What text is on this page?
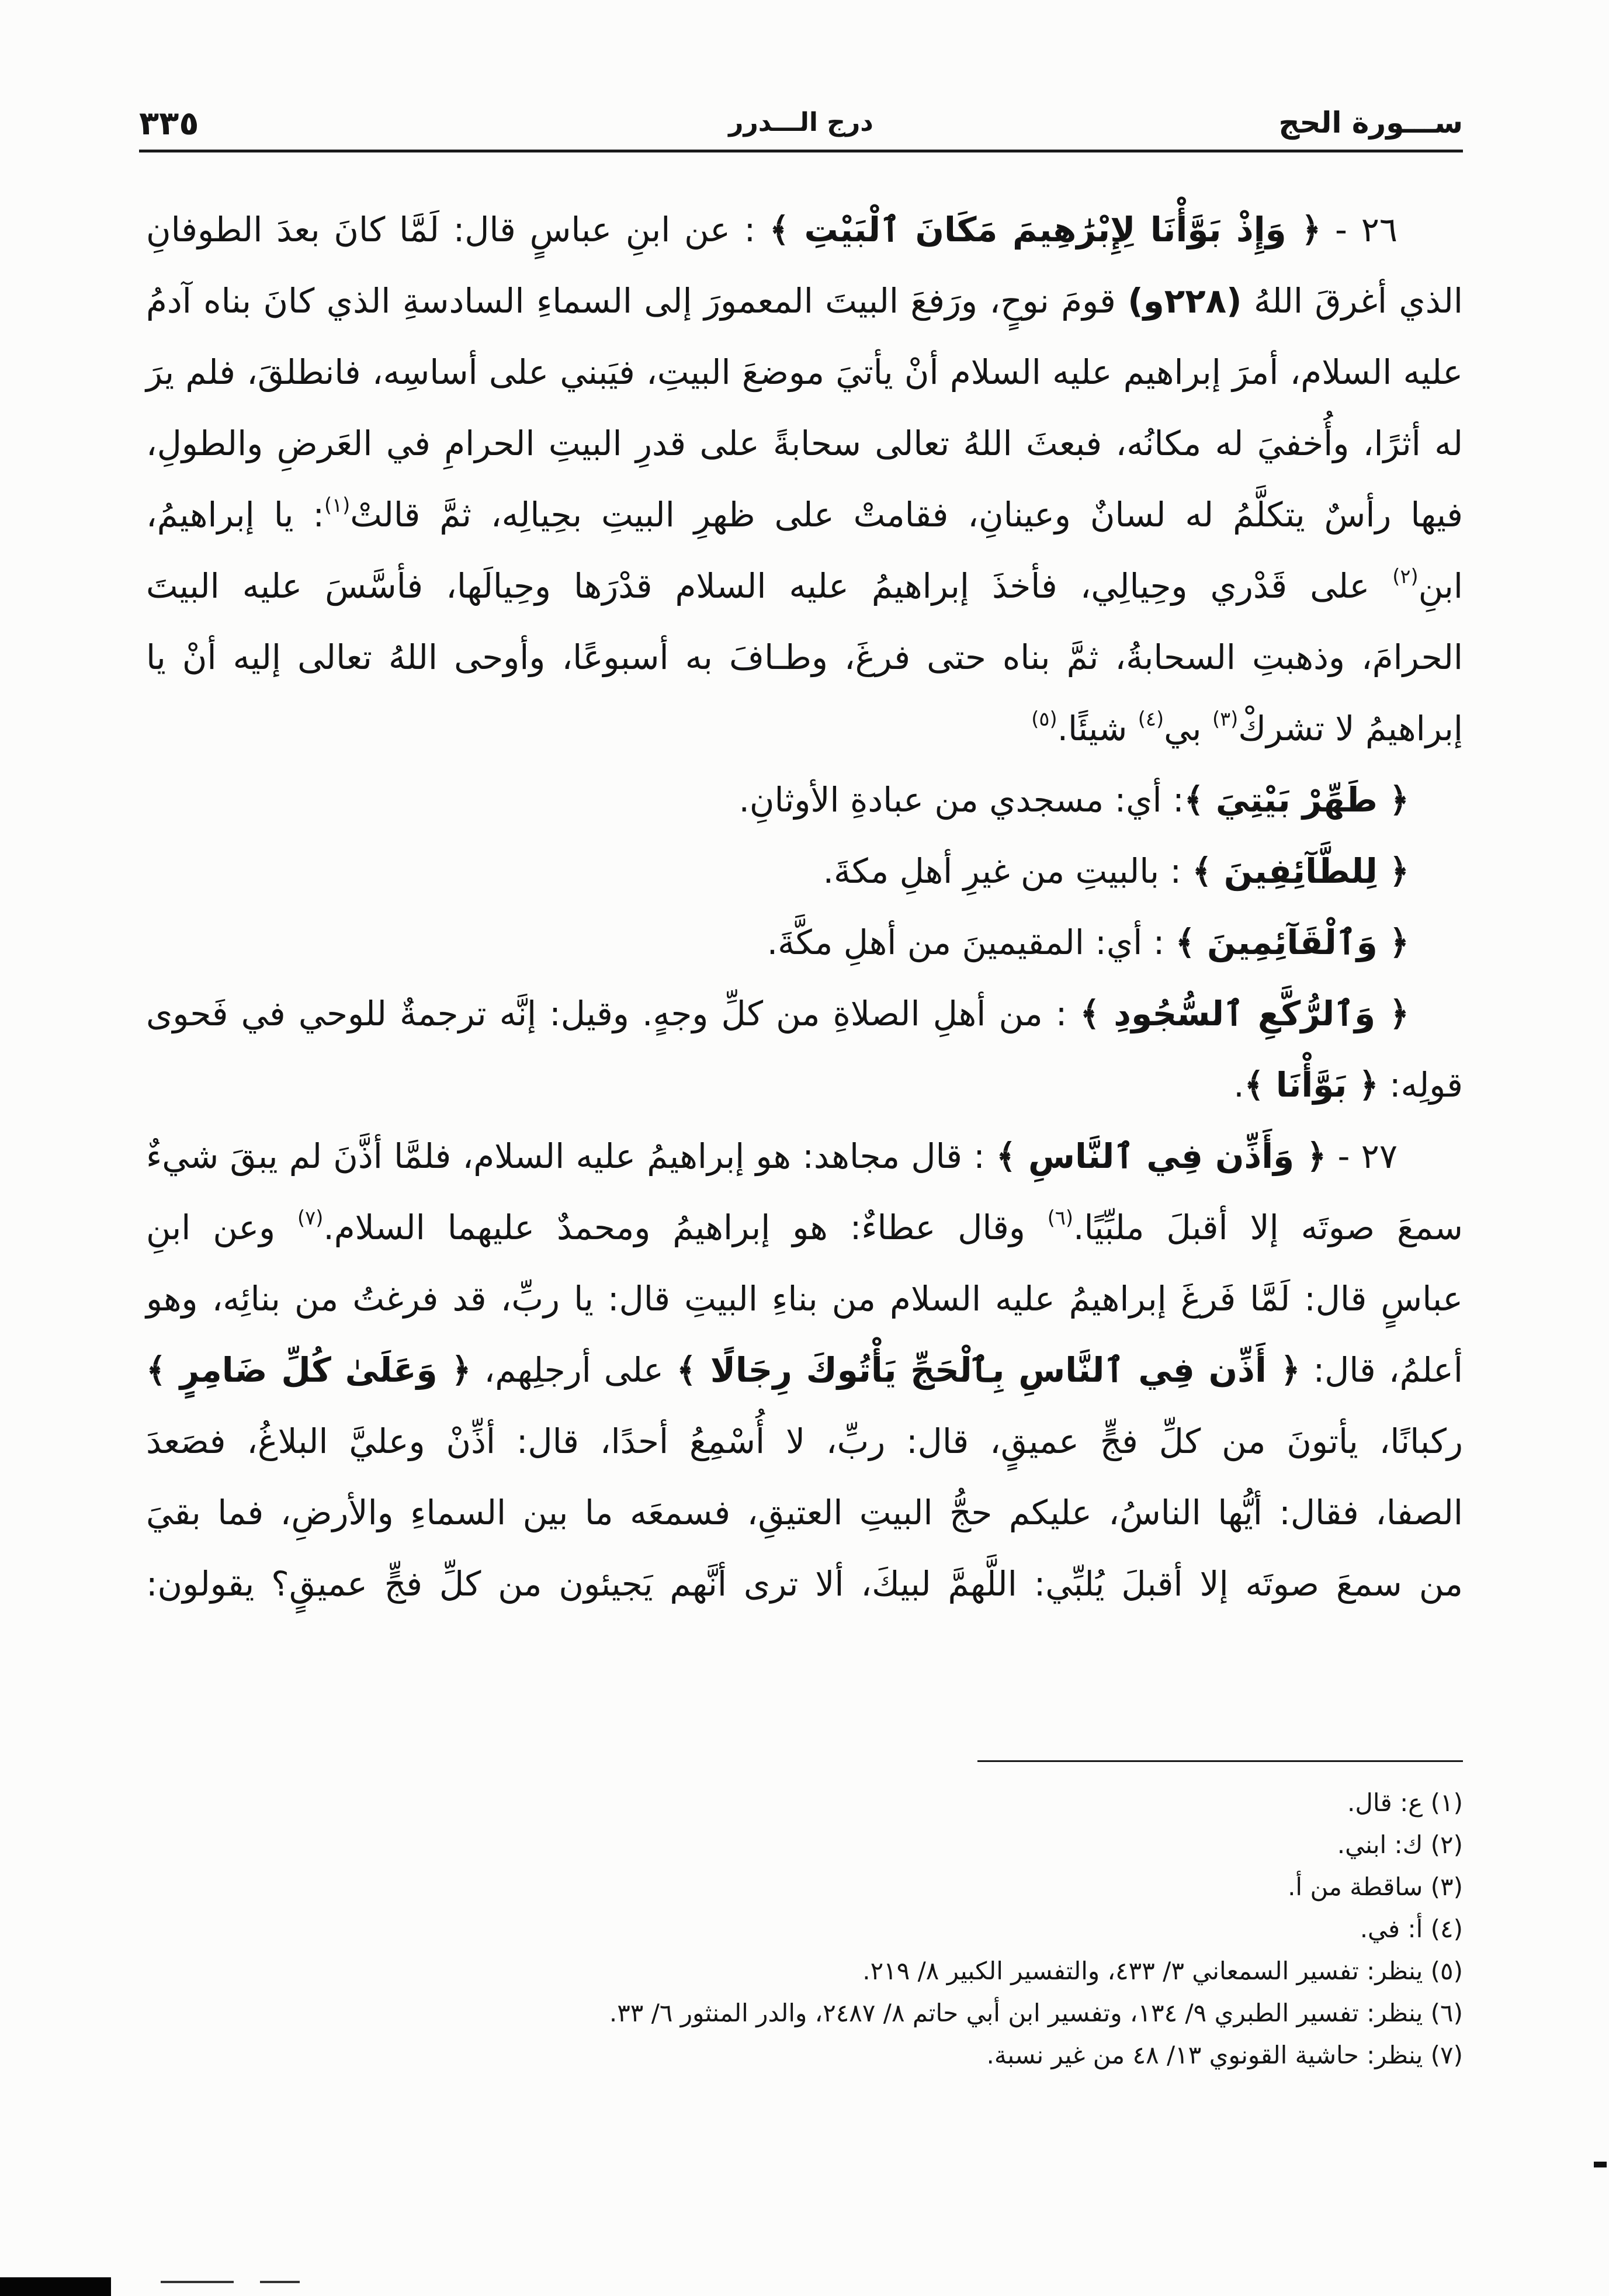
ســـورة الحج
درج الـــدرر
٣٣٥
٢٦ - ﴿ وَإِذْ بَوَّأْنَا لِإِبْرَٰهِيمَ مَكَانَ ٱلْبَيْتِ ﴾ : عن ابنِ عباسٍ قال: لَمَّا كانَ بعدَ الطوفانِ
الذي أغرقَ اللهُ (٢٢٨و) قومَ نوحٍ، ورَفعَ البيتَ المعمورَ إلى السماءِ السادسةِ الذي كانَ بناه آدمُ
عليه السلام، أمرَ إبراهيم عليه السلام أنْ يأتيَ موضعَ البيتِ، فيَبني على أساسِه، فانطلقَ، فلم يرَ
له أثرًا، وأُخفيَ له مكانُه، فبعثَ اللهُ تعالى سحابةً على قدرِ البيتِ الحرامِ في العَرضِ والطولِ،
فيها رأسٌ يتكلَّمُ له لسانٌ وعينانِ، فقامتْ على ظهرِ البيتِ بحِيالِه، ثمَّ قالتْ$^{(١)}$: يا إبراهيمُ،
ابنِ$^{(٢)}$ على قَدْري وحِيالِي، فأخذَ إبراهيمُ عليه السلام قدْرَها وحِيالَها، فأسَّسَ عليه البيتَ
الحرامَ، وذهبتِ السحابةُ، ثمَّ بناه حتى فرغَ، وطـافَ به أسبوعًا، وأوحى اللهُ تعالى إليه أنْ يا
إبراهيمُ لا تشركْ$^{(٣)}$ بي$^{(٤)}$ شيئًا.$^{(٥)}$
﴿ طَهِّرْ بَيْتِيَ ﴾: أي: مسجدي من عبادةِ الأوثانِ.
﴿ لِلطَّآئِفِينَ ﴾ : بالبيتِ من غيرِ أهلِ مكةَ.
﴿ وَٱلْقَآئِمِينَ ﴾ : أي: المقيمينَ من أهلِ مكَّةَ.
﴿ وَٱلرُّكَّعِ ٱلسُّجُودِ ﴾ : من أهلِ الصلاةِ من كلِّ وجهٍ. وقيل: إنَّه ترجمةٌ للوحي في فَحوى
قولِه: ﴿ بَوَّأْنَا ﴾.
٢٧ - ﴿ وَأَذِّن فِي ٱلنَّاسِ ﴾ : قال مجاهد: هو إبراهيمُ عليه السلام، فلمَّا أذَّنَ لم يبقَ شيءٌ
سمعَ صوتَه إلا أقبلَ ملبِّيًا.$^{(٦)}$ وقال عطاءٌ: هو إبراهيمُ ومحمدٌ عليهما السلام.$^{(٧)}$ وعن ابنِ
عباسٍ قال: لَمَّا فَرغَ إبراهيمُ عليه السلام من بناءِ البيتِ قال: يا ربِّ، قد فرغتُ من بنائِه، وهو
أعلمُ، قال: ﴿ أَذِّن فِي ٱلنَّاسِ بِٱلْحَجِّ يَأْتُوكَ رِجَالًا ﴾ على أرجلِهم، ﴿ وَعَلَىٰ كُلِّ ضَامِرٍ ﴾
ركبانًا، يأتونَ من كلِّ فجٍّ عميقٍ، قال: ربِّ، لا أُسْمِعُ أحدًا، قال: أذِّنْ وعليَّ البلاغُ، فصَعدَ
الصفا، فقال: أيُّها الناسُ، عليكم حجُّ البيتِ العتيقِ، فسمعَه ما بين السماءِ والأرضِ، فما بقيَ
من سمعَ صوتَه إلا أقبلَ يُلبِّي: اللَّهمَّ لبيكَ، ألا ترى أنَّهم يَجيئون من كلِّ فجٍّ عميقٍ؟ يقولون:
(١) ع: قال.
(٢) ك: ابني.
(٣) ساقطة من أ.
(٤) أ: في.
(٥) ينظر: تفسير السمعاني ٣/ ٤٣٣، والتفسير الكبير ٨/ ٢١٩.
(٦) ينظر: تفسير الطبري ٩/ ١٣٤، وتفسير ابن أبي حاتم ٨/ ٢٤٨٧، والدر المنثور ٦/ ٣٣.
(٧) ينظر: حاشية القونوي ١٣/ ٤٨ من غير نسبة.
